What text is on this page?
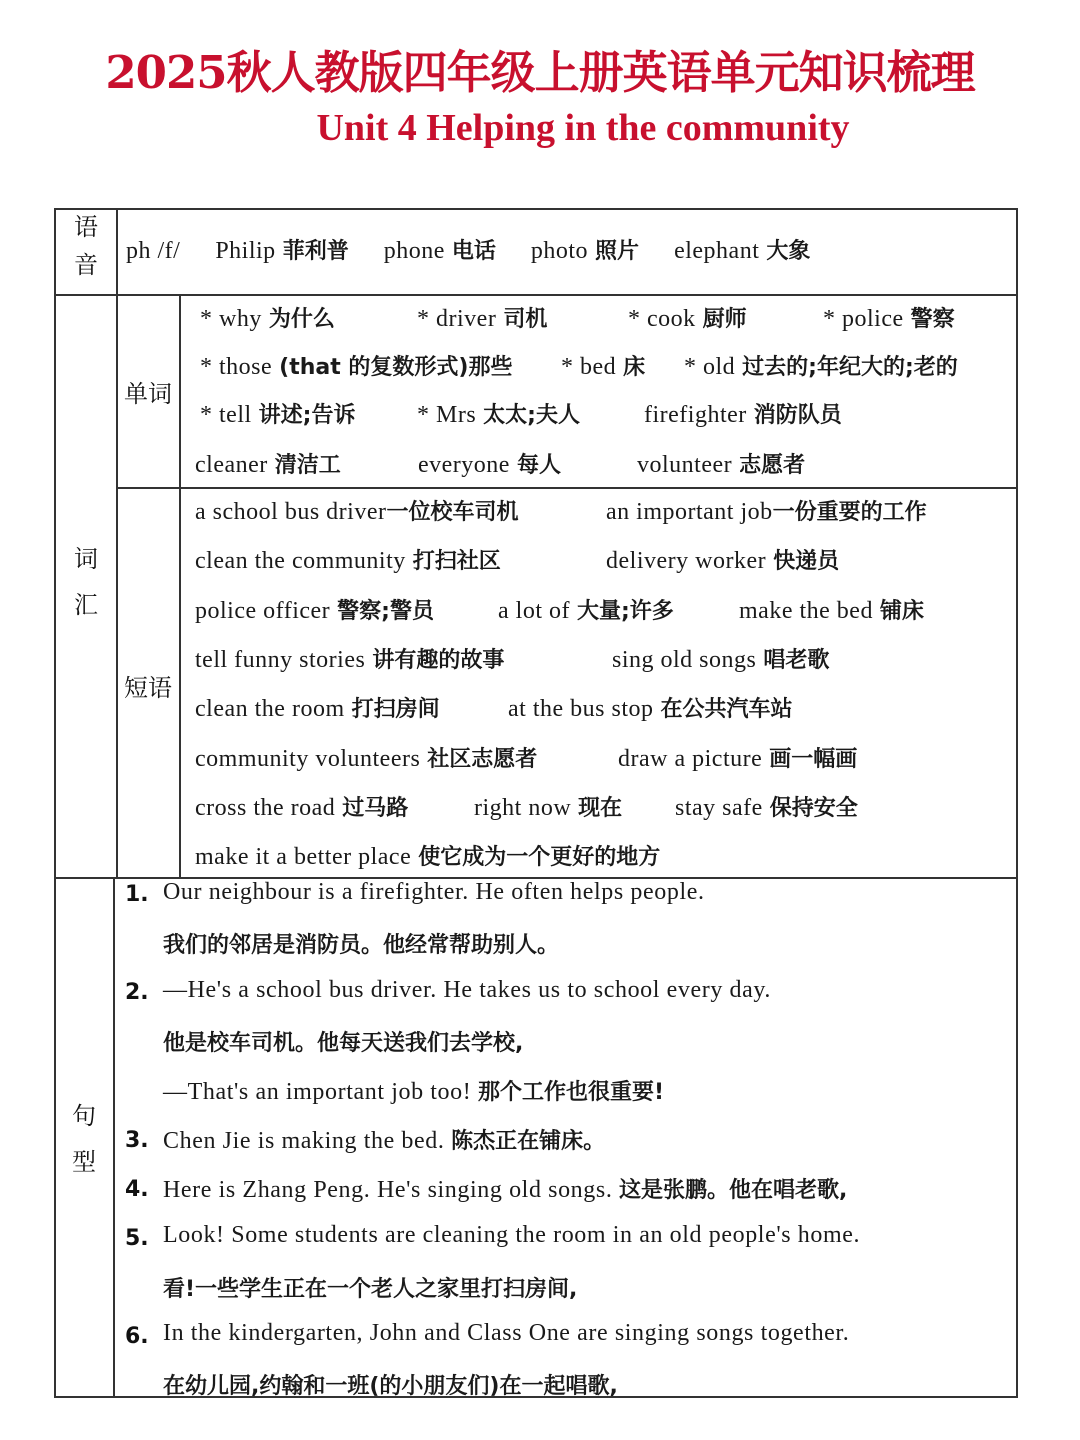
2025秋人教版四年级上册英语单元知识梳理
Unit 4 Helping in the community
语
音
词
汇
句
型
单词
短语
ph /f/ Philip 菲利普 phone 电话 photo 照片 elephant 大象
* why 为什么	* driver 司机	* cook 厨师	* police 警察
* those (that 的复数形式)那些 * bed 床 * old 过去的;年纪大的;老的
* tell 讲述;告诉	* Mrs 太太;夫人	firefighter 消防队员
cleaner 清洁工	everyone 每人	volunteer 志愿者
a school bus driver一位校车司机	an important job一份重要的工作
clean the community 打扫社区	delivery worker 快递员
police officer 警察;警员	a lot of 大量;许多	make the bed 铺床
tell funny stories 讲有趣的故事	sing old songs 唱老歌
clean the room 打扫房间	at the bus stop 在公共汽车站
community volunteers 社区志愿者	draw a picture 画一幅画
cross the road 过马路	right now 现在 stay safe 保持安全
make it a better place 使它成为一个更好的地方
1. Our neighbour is a firefighter. He often helps people.
我们的邻居是消防员。他经常帮助别人。
2. —He's a school bus driver. He takes us to school every day.
他是校车司机。他每天送我们去学校,
—That's an important job too! 那个工作也很重要!
3. Chen Jie is making the bed. 陈杰正在铺床。
4. Here is Zhang Peng. He's singing old songs. 这是张鹏。他在唱老歌,
5. Look! Some students are cleaning the room in an old people's home.
看!一些学生正在一个老人之家里打扫房间,
6. In the kindergarten, John and Class One are singing songs together.
在幼儿园,约翰和一班(的小朋友们)在一起唱歌,
